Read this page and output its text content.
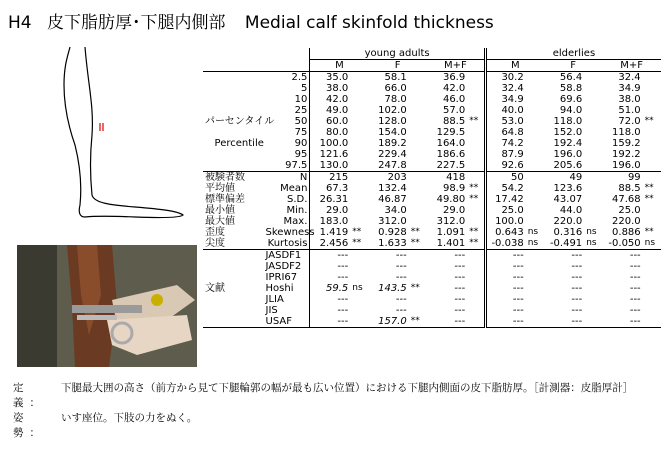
H4 皮下脂肪厚･下腿内側部 Medial calf skinfold thickness
		young adults						elderlies					
		M		F		M+F		M		F		M+F	
	2.5	35.0		58.1		36.9		30.2		56.4		32.4	
	5	38.0		66.0		42.0		32.4		58.8		34.9	
	10	42.0		78.0		46.0		34.9		69.6		38.0	
	25	49.0		102.0		57.0		40.0		94.0		51.0	
パーセンタイル	50	60.0		128.0		88.5	**	53.0		118.0		72.0	**
	75	80.0		154.0		129.5		64.8		152.0		118.0	
Percentile	90	100.0		189.2		164.0		74.2		192.4		159.2	
	95	121.6		229.4		186.6		87.9		196.0		192.2	
	97.5	130.0		247.8		227.5		92.6		205.6		196.0	
被験者数	N	215		203		418		50		49		99	
平均値	Mean	67.3		132.4		98.9	**	54.2		123.6		88.5	**
標準偏差	S.D.	26.31		46.87		49.80	**	17.42		43.07		47.68	**
最小値	Min.	29.0		34.0		29.0		25.0		44.0		25.0	
最大値	Max.	183.0		312.0		312.0		100.0		220.0		220.0	
歪度	Skewness	1.419	**	0.928	**	1.091	**	0.643	ns	0.316	ns	0.886	**
尖度	Kurtosis	2.456	**	1.633	**	1.401	**	-0.038	ns	-0.491	ns	-0.050	ns
	JASDF1	---		---		---		---		---		---	
	JASDF2	---		---		---		---		---		---	
	IPRI67	---		---		---		---		---		---	
文献	Hoshi	59.5	ns	143.5	**	---		---		---		---	
	JLIA	---		---		---		---		---		---	
	JIS	---		---		---		---		---		---	
	USAF	---		157.0	**	---		---		---		---	
定 義：
下腿最大囲の高さ（前方から見て下腿輪郭の幅が最も広い位置）における下腿内側面の皮下脂肪厚。［計測器：皮脂厚計］
姿 勢：
いす座位。下肢の力をぬく。
